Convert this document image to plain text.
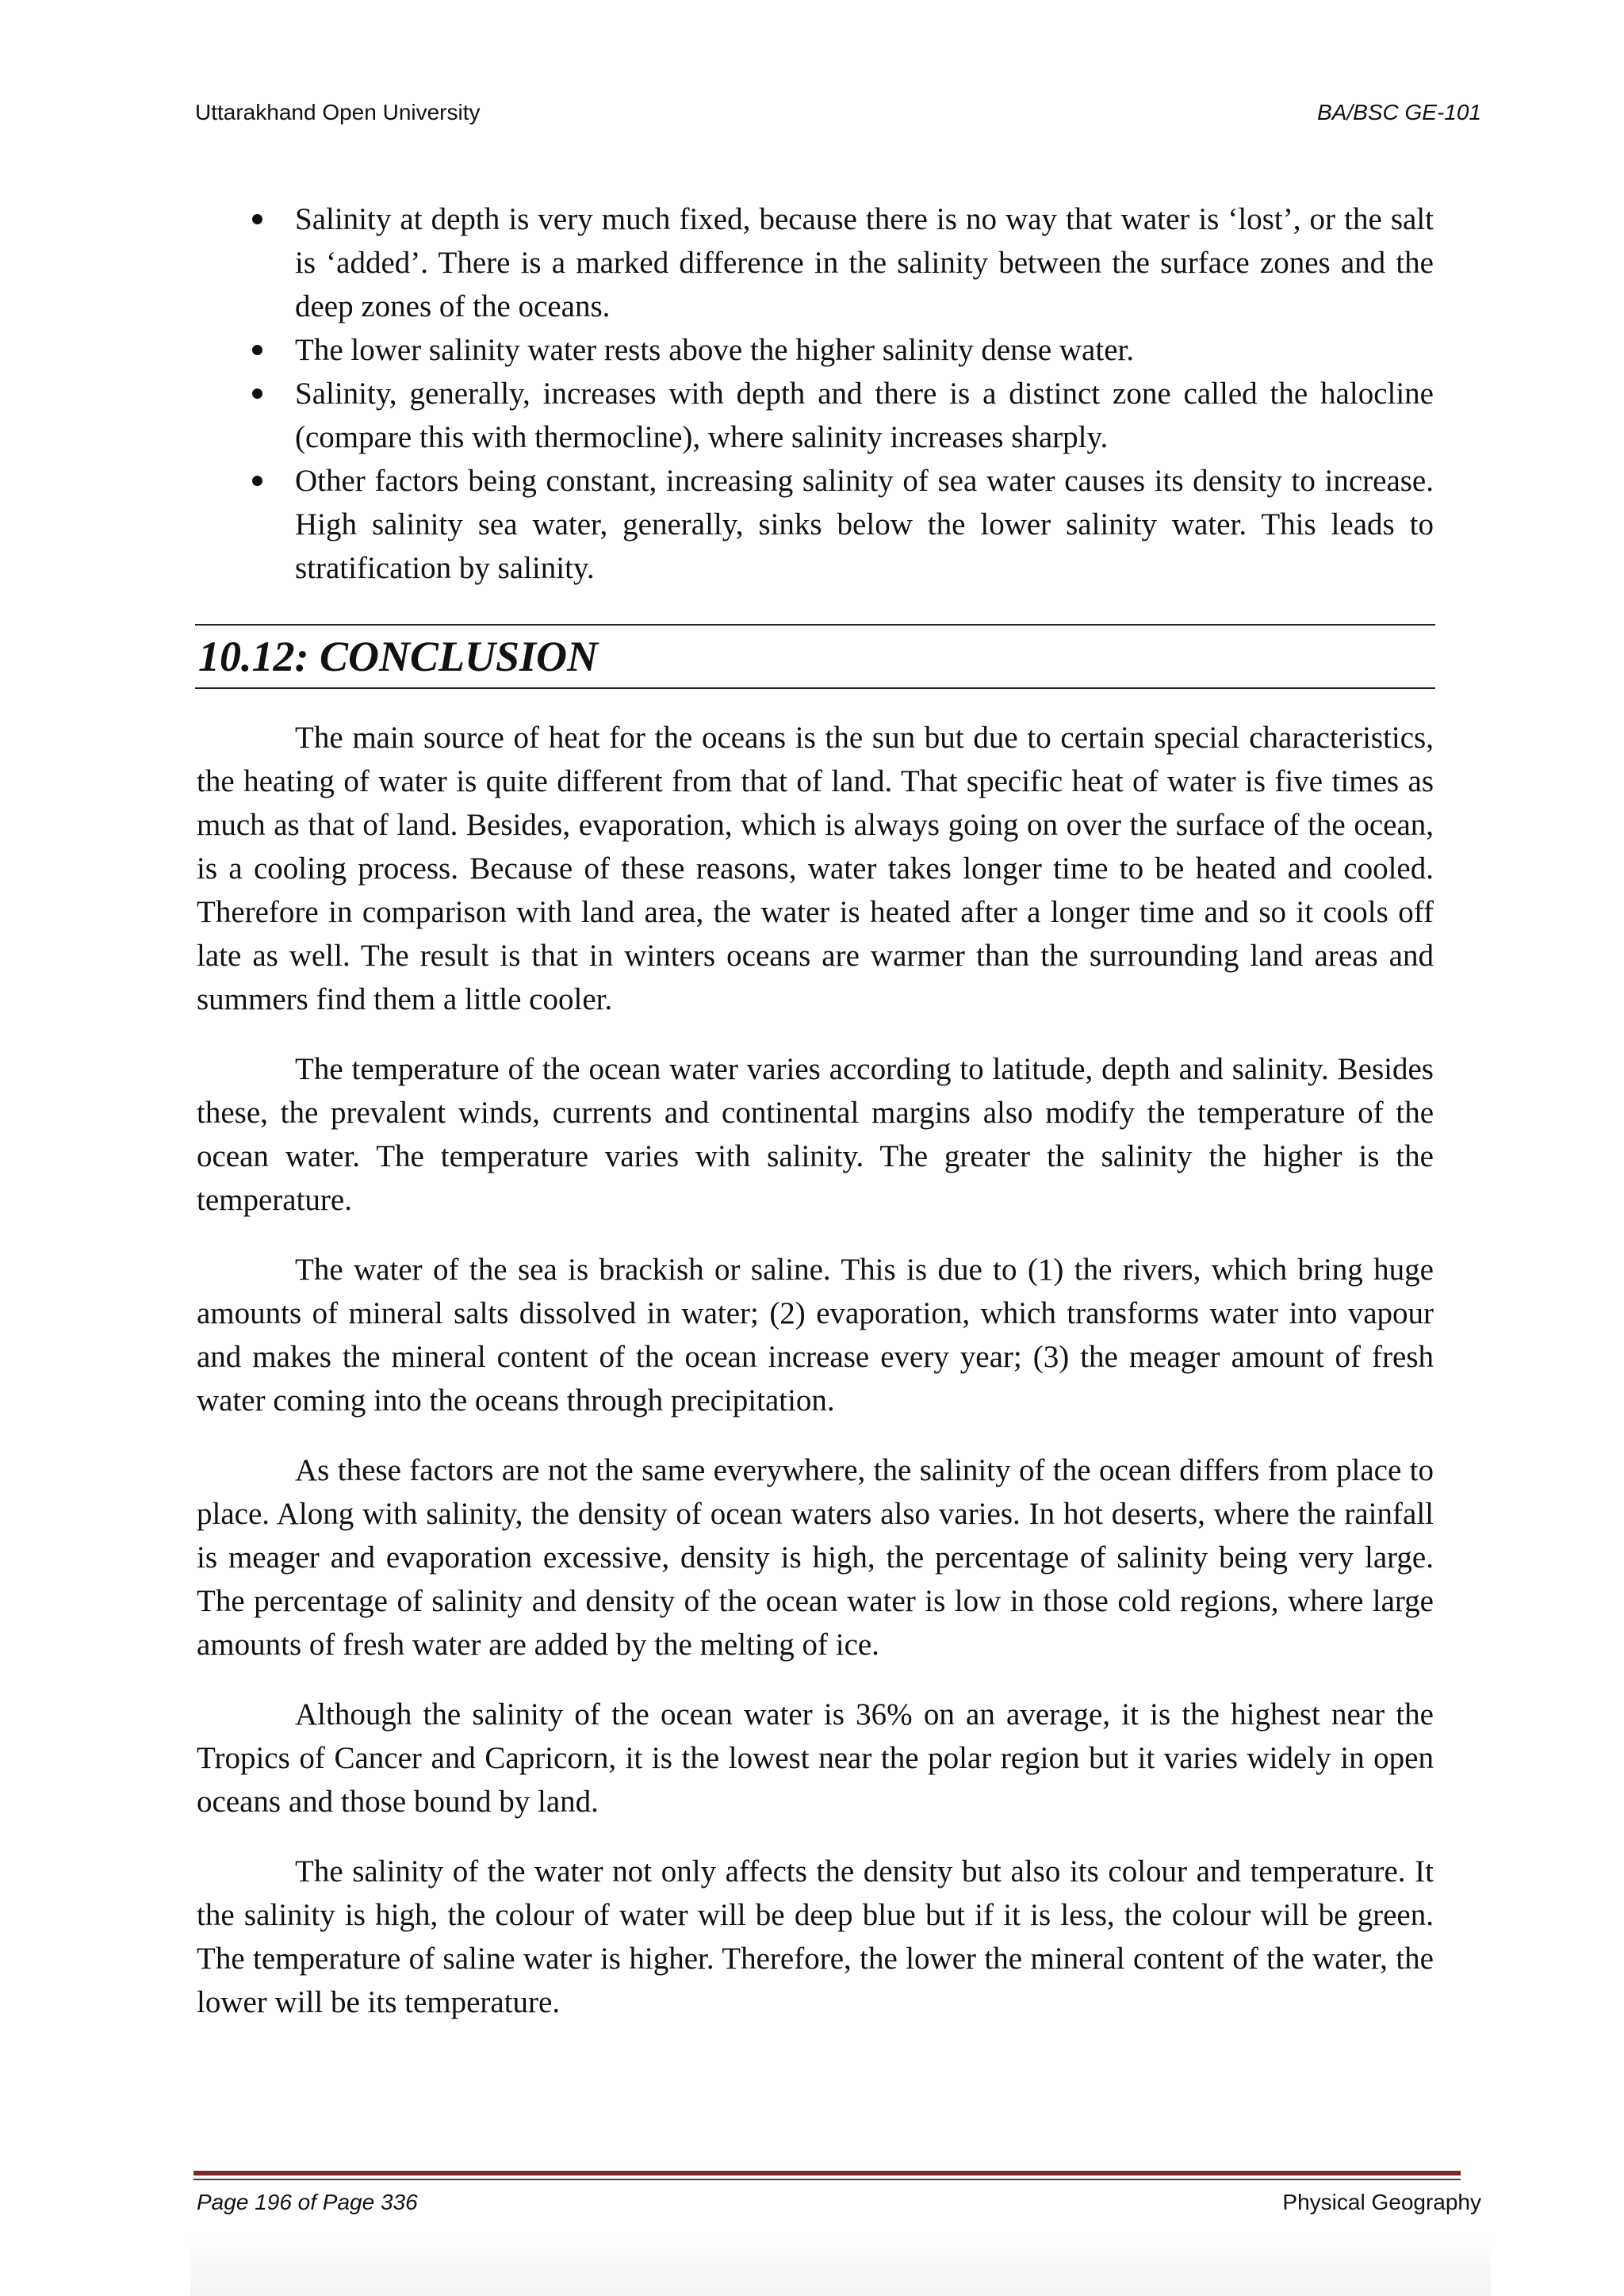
Uttarakhand Open University	BA/BSC GE-101
Salinity at depth is very much fixed, because there is no way that water is ‘lost’, or the salt is ‘added’. There is a marked difference in the salinity between the surface zones and the deep zones of the oceans.
The lower salinity water rests above the higher salinity dense water.
Salinity, generally, increases with depth and there is a distinct zone called the halocline (compare this with thermocline), where salinity increases sharply.
Other factors being constant, increasing salinity of sea water causes its density to increase. High salinity sea water, generally, sinks below the lower salinity water. This leads to stratification by salinity.
10.12: CONCLUSION

The main source of heat for the oceans is the sun but due to certain special characteristics, the heating of water is quite different from that of land. That specific heat of water is five times as much as that of land. Besides, evaporation, which is always going on over the surface of the ocean, is a cooling process. Because of these reasons, water takes longer time to be heated and cooled. Therefore in comparison with land area, the water is heated after a longer time and so it cools off late as well. The result is that in winters oceans are warmer than the surrounding land areas and summers find them a little cooler.

The temperature of the ocean water varies according to latitude, depth and salinity. Besides these, the prevalent winds, currents and continental margins also modify the temperature of the ocean water. The temperature varies with salinity. The greater the salinity the higher is the temperature.

The water of the sea is brackish or saline. This is due to (1) the rivers, which bring huge amounts of mineral salts dissolved in water; (2) evaporation, which transforms water into vapour and makes the mineral content of the ocean increase every year; (3) the meager amount of fresh water coming into the oceans through precipitation.

As these factors are not the same everywhere, the salinity of the ocean differs from place to place. Along with salinity, the density of ocean waters also varies. In hot deserts, where the rainfall is meager and evaporation excessive, density is high, the percentage of salinity being very large. The percentage of salinity and density of the ocean water is low in those cold regions, where large amounts of fresh water are added by the melting of ice.

Although the salinity of the ocean water is 36% on an average, it is the highest near the Tropics of Cancer and Capricorn, it is the lowest near the polar region but it varies widely in open oceans and those bound by land.

The salinity of the water not only affects the density but also its colour and temperature. It the salinity is high, the colour of water will be deep blue but if it is less, the colour will be green. The temperature of saline water is higher. Therefore, the lower the mineral content of the water, the lower will be its temperature.

Page 196 of Page 336	Physical Geography
